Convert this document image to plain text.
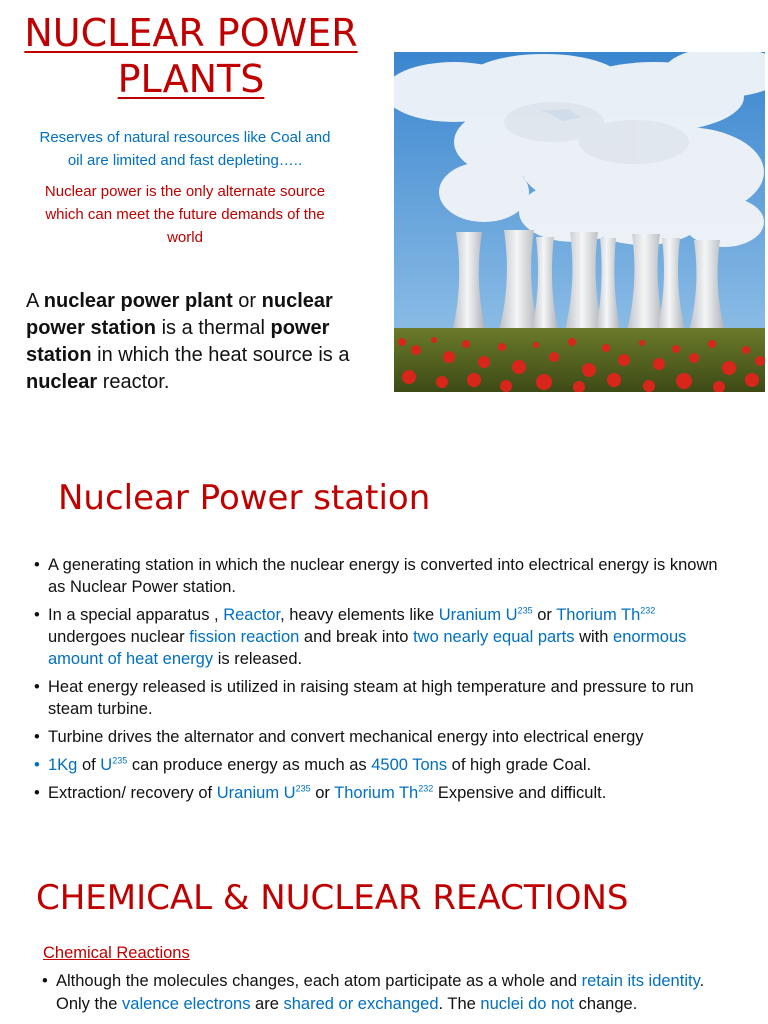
NUCLEAR POWER
PLANTS
Reserves of natural resources like Coal and
oil are limited and fast depleting…..
Nuclear power is the only alternate source
which can meet the future demands of the
world
A nuclear power plant or nuclear power station is a thermal power station in which the heat source is a nuclear reactor.
Nuclear Power station
• A generating station in which the nuclear energy is converted into electrical energy is known as Nuclear Power station.
• In a special apparatus , Reactor, heavy elements like Uranium $U^{235}$ or Thorium Th$^{232}$ undergoes nuclear fission reaction and break into two nearly equal parts with enormous amount of heat energy is released.
• Heat energy released is utilized in raising steam at high temperature and pressure to run steam turbine.
• Turbine drives the alternator and convert mechanical energy into electrical energy
• 1Kg of $U^{235}$ can produce energy as much as 4500 Tons of high grade Coal.
• Extraction/ recovery of Uranium $U^{235}$ or Thorium Th$^{232}$ Expensive and difficult.
CHEMICAL & NUCLEAR REACTIONS
Chemical Reactions
• Although the molecules changes, each atom participate as a whole and retain its identity. Only the valence electrons are shared or exchanged. The nuclei do not change.
